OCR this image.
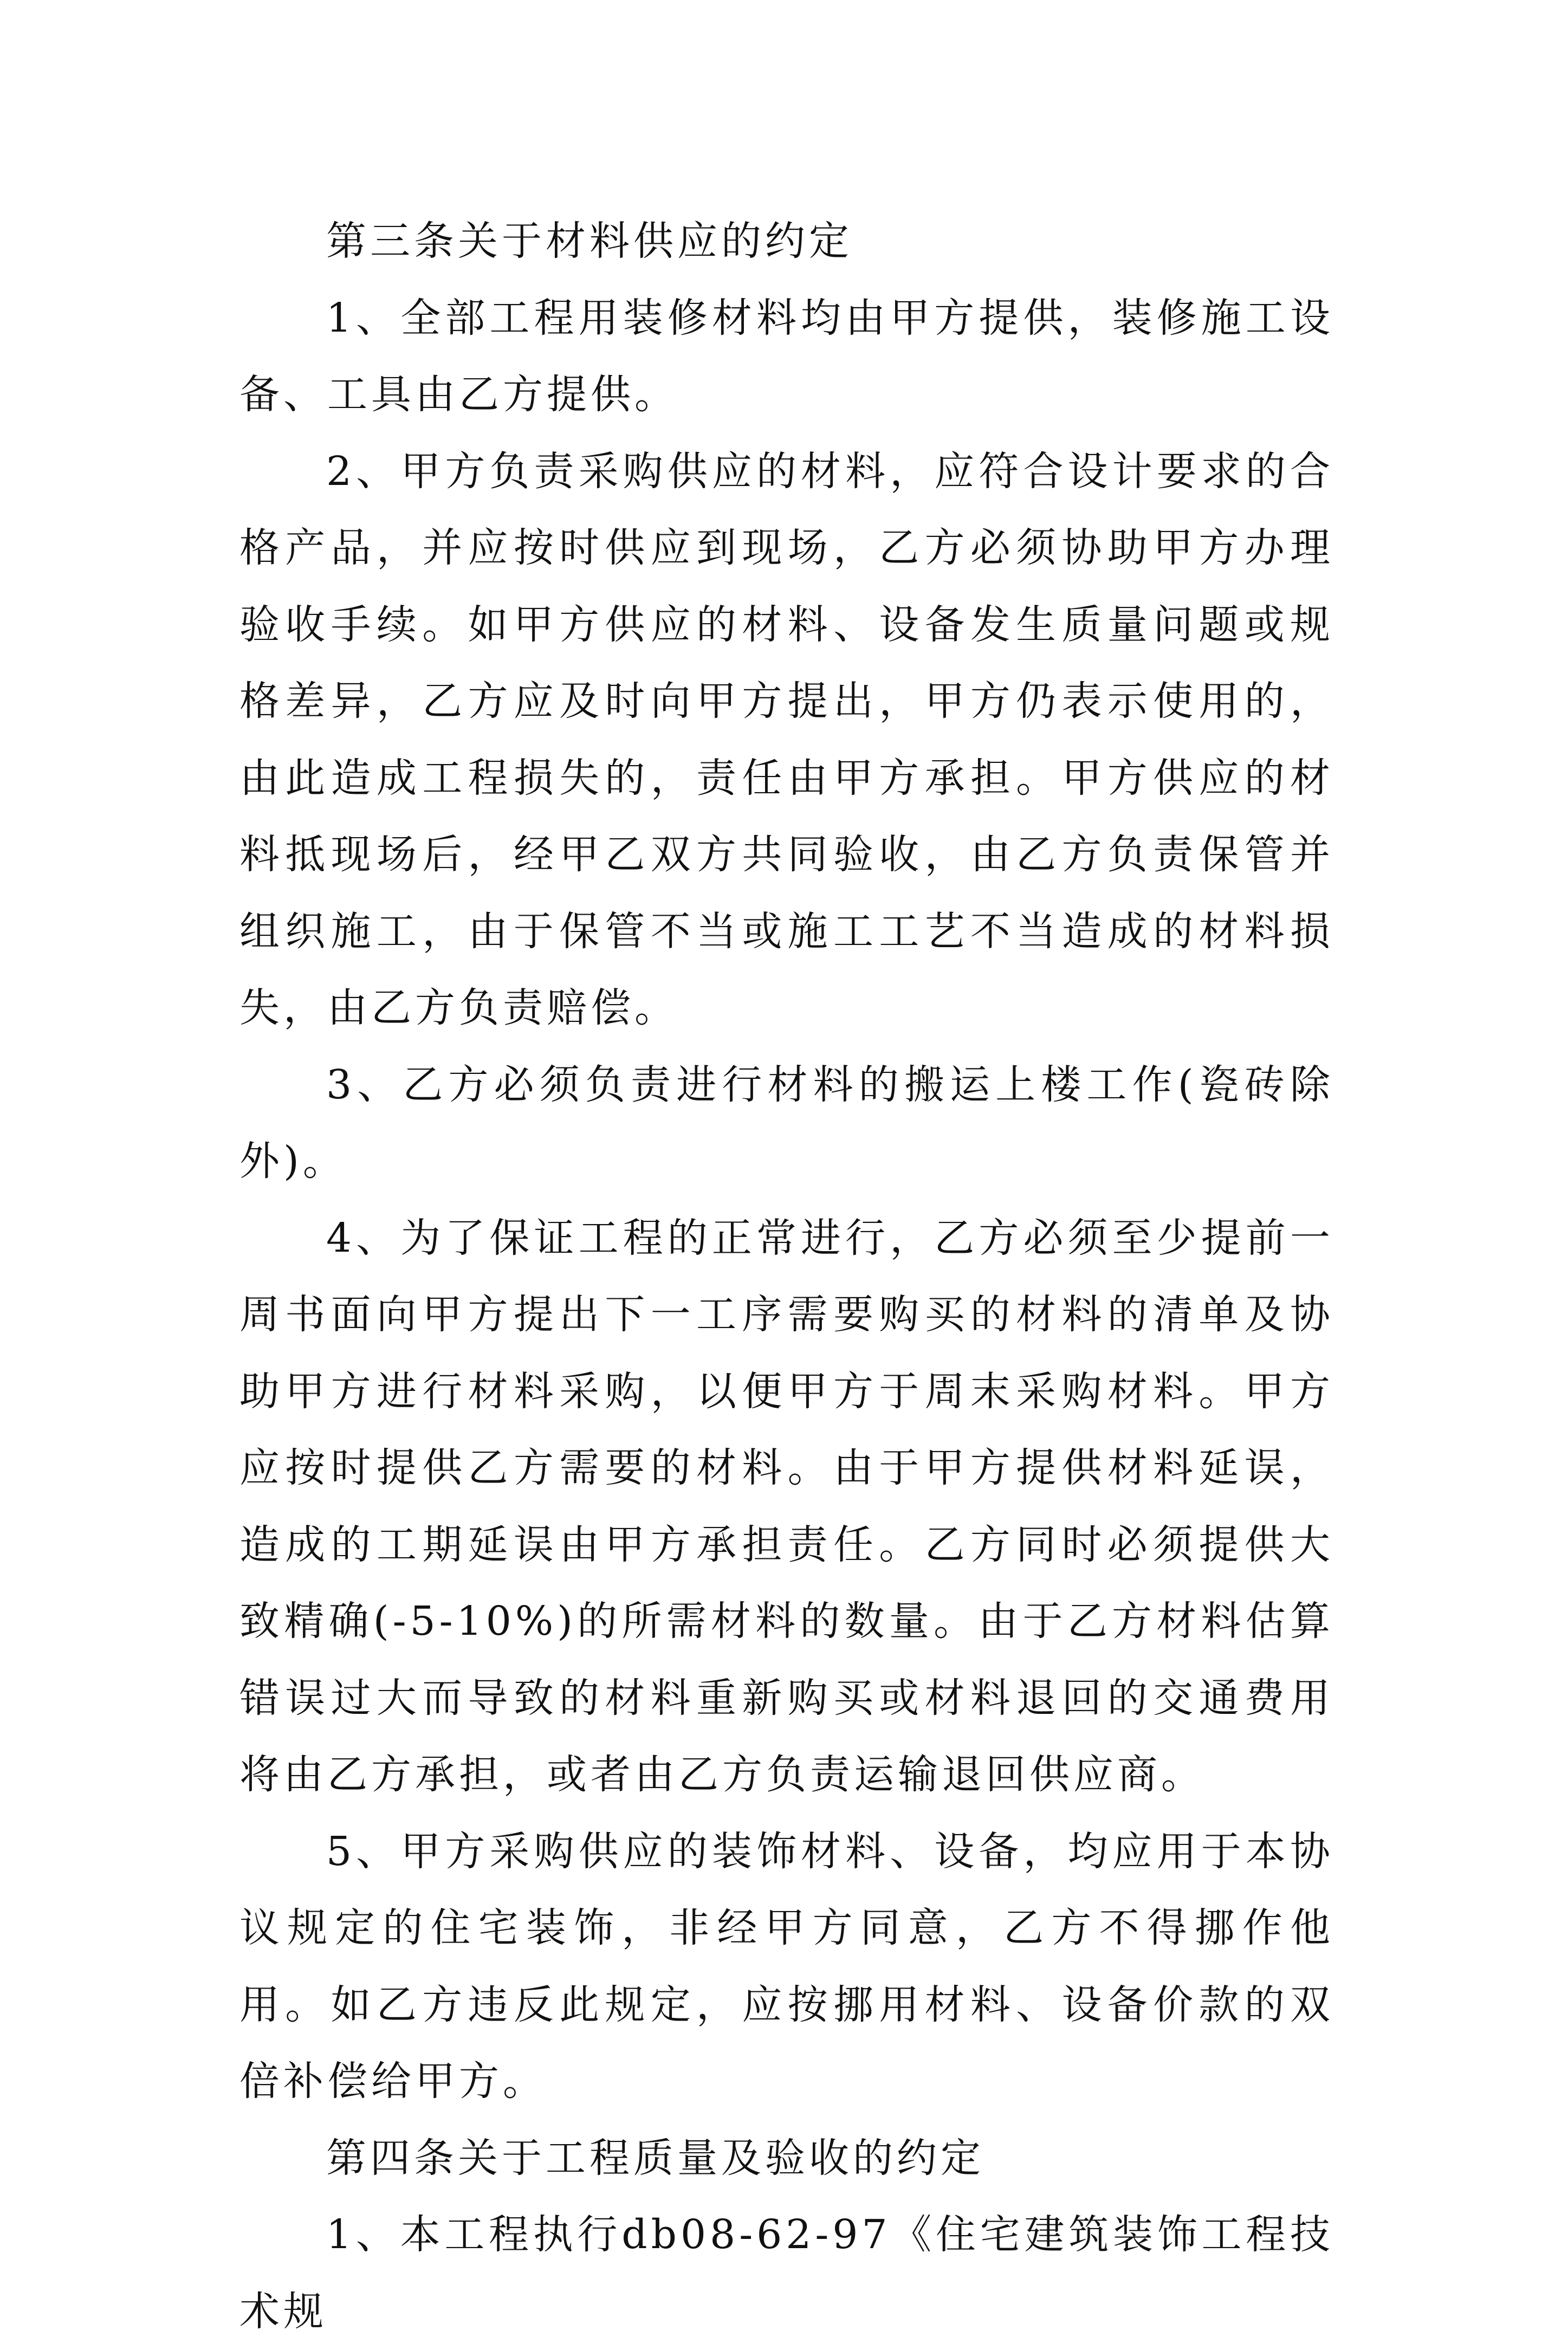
第三条关于材料供应的约定

1、全部工程用装修材料均由甲方提供，装修施工设备、工具由乙方提供。

2、甲方负责采购供应的材料，应符合设计要求的合格产品，并应按时供应到现场，乙方必须协助甲方办理验收手续。如甲方供应的材料、设备发生质量问题或规格差异，乙方应及时向甲方提出，甲方仍表示使用的，由此造成工程损失的，责任由甲方承担。甲方供应的材料抵现场后，经甲乙双方共同验收，由乙方负责保管并组织施工，由于保管不当或施工工艺不当造成的材料损失，由乙方负责赔偿。

3、乙方必须负责进行材料的搬运上楼工作(瓷砖除外)。

4、为了保证工程的正常进行，乙方必须至少提前一周书面向甲方提出下一工序需要购买的材料的清单及协助甲方进行材料采购，以便甲方于周末采购材料。甲方应按时提供乙方需要的材料。由于甲方提供材料延误，造成的工期延误由甲方承担责任。乙方同时必须提供大致精确(-5-10%)的所需材料的数量。由于乙方材料估算错误过大而导致的材料重新购买或材料退回的交通费用将由乙方承担，或者由乙方负责运输退回供应商。

5、甲方采购供应的装饰材料、设备，均应用于本协议规定的住宅装饰，非经甲方同意，乙方不得挪作他用。如乙方违反此规定，应按挪用材料、设备价款的双倍补偿给甲方。

第四条关于工程质量及验收的约定

1、本工程执行db08-62-97《住宅建筑装饰工程技术规
